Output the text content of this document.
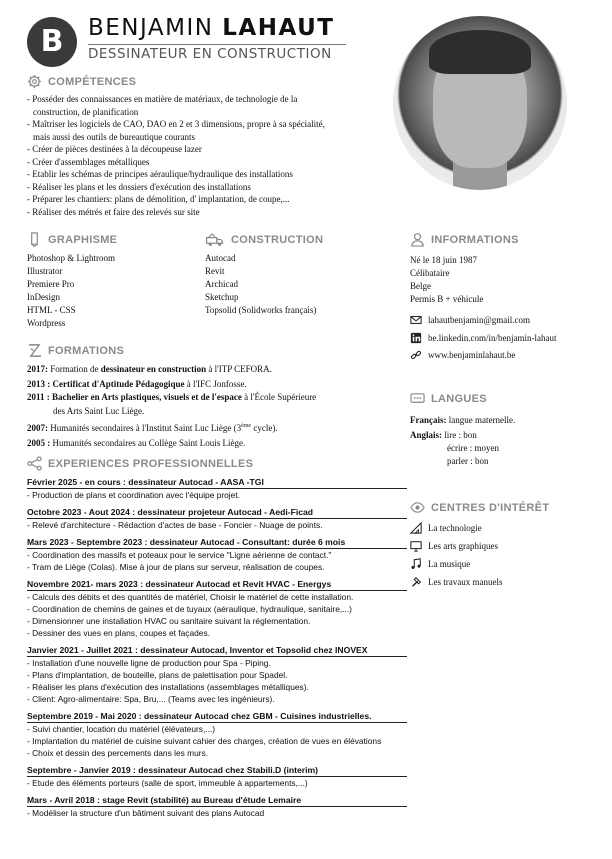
B	BENJAMIN LAHAUT
DESSINATEUR EN CONSTRUCTION
COMPÉTENCES
- Posséder des connaissances en matière de matériaux, de technologie de la
construction, de planification
- Maîtriser les logiciels de CAO, DAO en 2 et 3 dimensions, propre à sa spécialité,
mais aussi des outils de bureautique courants
- Créer de pièces destinées à la découpeuse lazer
- Créer d'assemblages métalliques
- Etablir les schémas de principes aéraulique/hydraulique des installations
- Réaliser les plans et les dossiers d'exécution des installations
- Préparer les chantiers: plans de démolition, d' implantation, de coupe,...
- Réaliser des métrés et faire des relevés sur site
GRAPHISME
Photoshop & Lightroom
Illustrator
Premiere Pro
InDesign
HTML - CSS
Wordpress
CONSTRUCTION
Autocad
Revit
Archicad
Sketchup
Topsolid (Solidworks français)
FORMATIONS
2017: Formation de dessinateur en construction à l'ITP CEFORA.
2013 : Certificat d'Aptitude Pédagogique à l'IFC Jonfosse.
2011 : Bachelier en Arts plastiques, visuels et de l'espace à l'École Supérieure
des Arts Saint Luc Liège.
2007: Humanités secondaires à l'Institut Saint Luc Liège (3ème cycle).
2005 : Humanités secondaires au Collège Saint Louis Liège.
EXPERIENCES PROFESSIONNELLES
Février 2025 - en cours : dessinateur Autocad - AASA -TGI
- Production de plans et coordination avec l'équipe projet.
Octobre 2023 - Aout 2024 : dessinateur projeteur Autocad - Aedi-Ficad
- Relevé d'architecture - Rédaction d'actes de base - Foncier - Nuage de points.
Mars 2023 - Septembre 2023 : dessinateur Autocad - Consultant: durée 6 mois
- Coordination des massifs et poteaux pour le service "Ligne aérienne de contact."
- Tram de Liège (Colas). Mise à jour de plans sur serveur, réalisation de coupes.
Novembre 2021- mars 2023 : dessinateur Autocad et Revit HVAC - Energys
- Calculs des débits et des quantités de matériel, Choisir le matériel de cette installation.
- Coordination de chemins de gaines et de tuyaux (aéraulique, hydraulique, sanitaire,...)
- Dimensionner une installation HVAC ou sanitaire suivant la réglementation.
- Dessiner des vues en plans, coupes et façades.
Janvier 2021 - Juillet 2021 : dessinateur Autocad, Inventor et Topsolid chez INOVEX
- Installation d'une nouvelle ligne de production pour Spa - Piping.
- Plans d'implantation, de bouteille, plans de palettisation pour Spadel.
- Réaliser les plans d'exécution des installations (assemblages métalliques).
- Client: Agro-alimentaire: Spa, Bru,... (Teams avec les ingénieurs).
Septembre 2019 - Mai 2020 : dessinateur Autocad chez GBM - Cuisines industrielles.
- Suivi chantier, location du matériel (élévateurs,...)
- Implantation du matériel de cuisine suivant cahier des charges, création de vues en élévations
- Choix et dessin des percements dans les murs.
Septembre - Janvier 2019 : dessinateur Autocad chez Stabili.D (interim)
- Etude des éléments porteurs (salle de sport, immeuble à appartements,...)
Mars - Avril 2018 : stage Revit (stabilité) au Bureau d'étude Lemaire
- Modéliser la structure d'un bâtiment suivant des plans Autocad
INFORMATIONS
Né le 18 juin 1987
Célibataire
Belge
Permis B + véhicule
lahautbenjamin@gmail.com
be.linkedin.com/in/benjamin-lahaut
www.benjaminlahaut.be
LANGUES
Français: langue maternelle.
Anglais: lire : bon
écrire : moyen
parler : bon
CENTRES D'INTÉRÊT
La technologie
Les arts graphiques
La musique
Les travaux manuels
